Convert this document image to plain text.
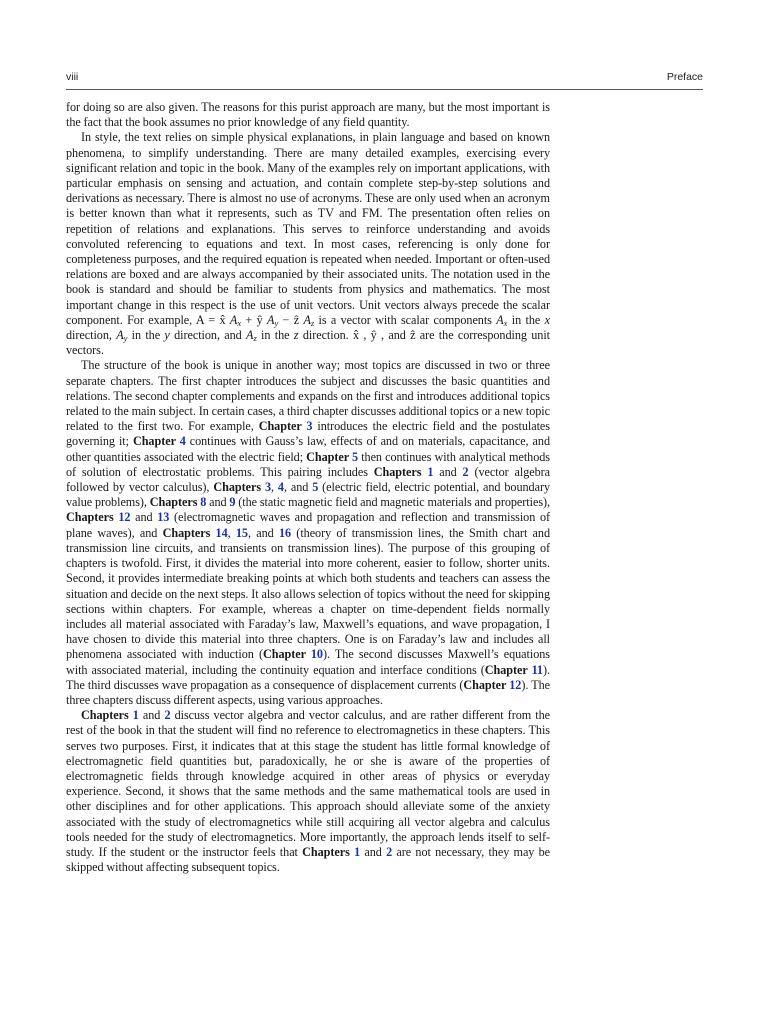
viii	Preface

for doing so are also given. The reasons for this purist approach are many, but the most important is the fact that the book assumes no prior knowledge of any field quantity.

In style, the text relies on simple physical explanations, in plain language and based on known phenomena, to simplify understanding. There are many detailed examples, exercising every significant relation and topic in the book. Many of the examples rely on important applications, with particular emphasis on sensing and actuation, and contain complete step-by-step solutions and derivations as necessary. There is almost no use of acronyms. These are only used when an acronym is better known than what it represents, such as TV and FM. The presentation often relies on repetition of relations and explanations. This serves to reinforce understanding and avoids convoluted referencing to equations and text. In most cases, referencing is only done for completeness purposes, and the required equation is repeated when needed. Important or often-used relations are boxed and are always accompanied by their associated units. The notation used in the book is standard and should be familiar to students from physics and mathematics. The most important change in this respect is the use of unit vectors. Unit vectors always precede the scalar component. For example, A = x̂ $A_x$ + ŷ $A_y$ − ẑ $A_z$ is a vector with scalar components $A_x$ in the x direction, $A_y$ in the y direction, and $A_z$ in the z direction. x̂ , ŷ , and ẑ are the corresponding unit vectors.

The structure of the book is unique in another way; most topics are discussed in two or three separate chapters. The first chapter introduces the subject and discusses the basic quantities and relations. The second chapter complements and expands on the first and introduces additional topics related to the main subject. In certain cases, a third chapter discusses additional topics or a new topic related to the first two. For example, Chapter 3 introduces the electric field and the postulates governing it; Chapter 4 continues with Gauss’s law, effects of and on materials, capacitance, and other quantities associated with the electric field; Chapter 5 then continues with analytical methods of solution of electrostatic problems. This pairing includes Chapters 1 and 2 (vector algebra followed by vector calculus), Chapters 3, 4, and 5 (electric field, electric potential, and boundary value problems), Chapters 8 and 9 (the static magnetic field and magnetic materials and properties), Chapters 12 and 13 (electromagnetic waves and propagation and reflection and transmission of plane waves), and Chapters 14, 15, and 16 (theory of transmission lines, the Smith chart and transmission line circuits, and transients on transmission lines). The purpose of this grouping of chapters is twofold. First, it divides the material into more coherent, easier to follow, shorter units. Second, it provides intermediate breaking points at which both students and teachers can assess the situation and decide on the next steps. It also allows selection of topics without the need for skipping sections within chapters. For example, whereas a chapter on time-dependent fields normally includes all material associated with Faraday’s law, Maxwell’s equations, and wave propagation, I have chosen to divide this material into three chapters. One is on Faraday’s law and includes all phenomena associated with induction (Chapter 10). The second discusses Maxwell’s equations with associated material, including the continuity equation and interface conditions (Chapter 11). The third discusses wave propagation as a consequence of displacement currents (Chapter 12). The three chapters discuss different aspects, using various approaches.

Chapters 1 and 2 discuss vector algebra and vector calculus, and are rather different from the rest of the book in that the student will find no reference to electromagnetics in these chapters. This serves two purposes. First, it indicates that at this stage the student has little formal knowledge of electromagnetic field quantities but, paradoxically, he or she is aware of the properties of electromagnetic fields through knowledge acquired in other areas of physics or everyday experience. Second, it shows that the same methods and the same mathematical tools are used in other disciplines and for other applications. This approach should alleviate some of the anxiety associated with the study of electromagnetics while still acquiring all vector algebra and calculus tools needed for the study of electromagnetics. More importantly, the approach lends itself to self-study. If the student or the instructor feels that Chapters 1 and 2 are not necessary, they may be skipped without affecting subsequent topics.
